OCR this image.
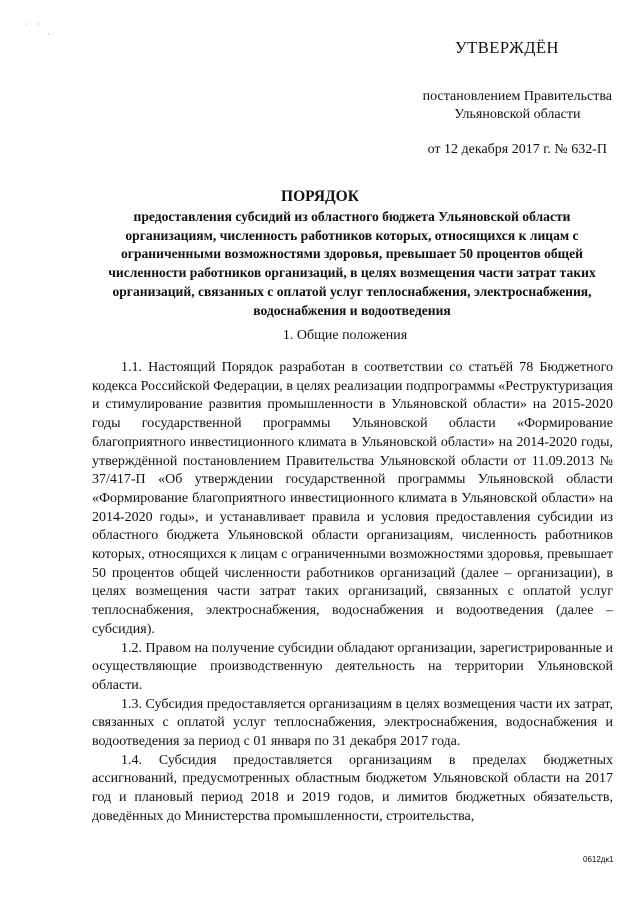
·     ·
·
УТВЕРЖДЁН
постановлением Правительства
Ульяновской области
от 12 декабря 2017 г. № 632-П
ПОРЯДОК
предоставления субсидий из областного бюджета Ульяновской области организациям, численность работников которых, относящихся к лицам с ограниченными возможностями здоровья, превышает 50 процентов общей численности работников организаций, в целях возмещения части затрат таких организаций, связанных с оплатой услуг теплоснабжения, электроснабжения, водоснабжения и водоотведения
1. Общие положения

1.1. Настоящий Порядок разработан в соответствии со статьёй 78 Бюджетного кодекса Российской Федерации, в целях реализации подпрограммы «Реструктуризация и стимулирование развития промышленности в Ульяновской области» на 2015-2020 годы государственной программы Ульяновской области «Формирование благоприятного инвестиционного климата в Ульяновской области» на 2014-2020 годы, утверждённой постановлением Правительства Ульяновской области от 11.09.2013 № 37/417-П «Об утверждении государственной программы Ульяновской области «Формирование благоприятного инвестиционного климата в Ульяновской области» на 2014-2020 годы», и устанавливает правила и условия предоставления субсидии из областного бюджета Ульяновской области организациям, численность работников которых, относящихся к лицам с ограниченными возможностями здоровья, превышает 50 процентов общей численности работников организаций (далее – организации), в целях возмещения части затрат таких организаций, связанных с оплатой услуг теплоснабжения, электроснабжения, водоснабжения и водоотведения (далее – субсидия).

1.2. Правом на получение субсидии обладают организации, зарегистрированные и осуществляющие производственную деятельность на территории Ульяновской области.

1.3. Субсидия предоставляется организациям в целях возмещения части их затрат, связанных с оплатой услуг теплоснабжения, электроснабжения, водоснабжения и водоотведения за период с 01 января по 31 декабря 2017 года.

1.4. Субсидия предоставляется организациям в пределах бюджетных ассигнований, предусмотренных областным бюджетом Ульяновской области на 2017 год и плановый период 2018 и 2019 годов, и лимитов бюджетных обязательств, доведённых до Министерства промышленности, строительства,

0612дк1
